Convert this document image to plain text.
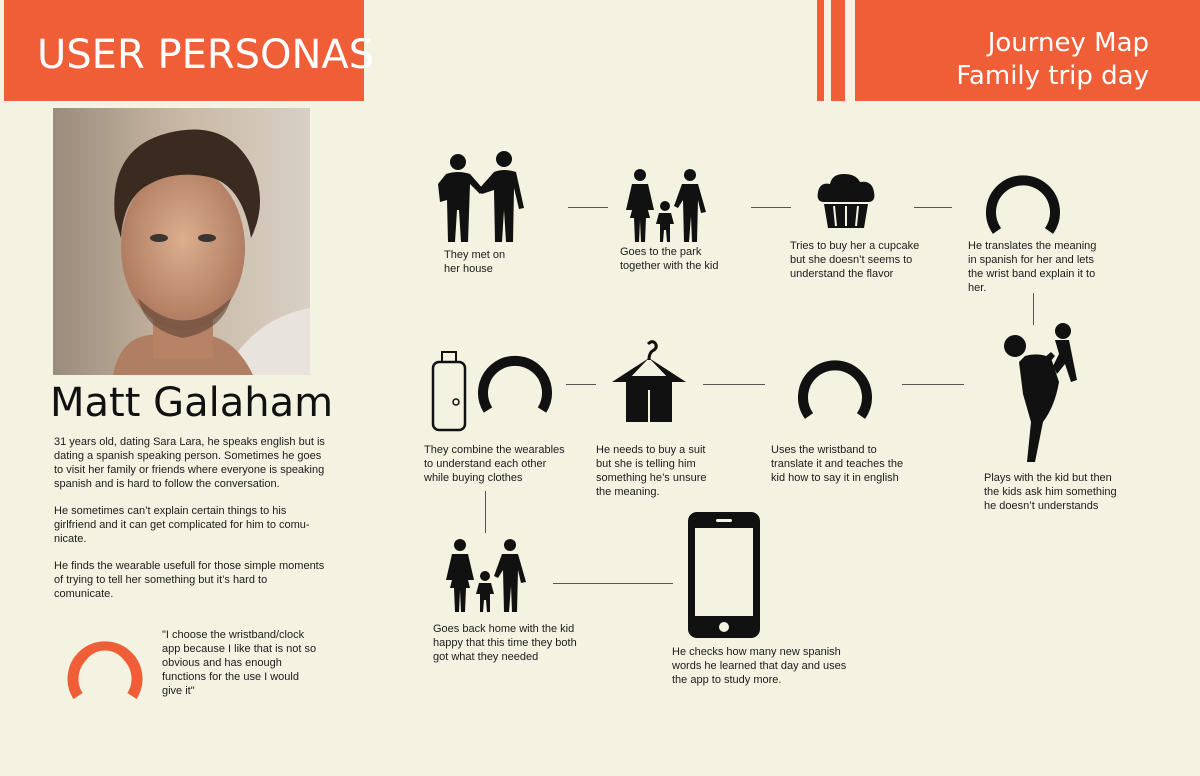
USER PERSONAS	Journey Map
Family trip day
Matt Galaham

31 years old, dating Sara Lara, he speaks english but is dating a spanish speaking person. Sometimes he goes to visit her family or friends where everyone is speaking spanish and is hard to follow the conversation.

He sometimes can’t explain certain things to his girlfriend and it can get complicated for him to comu-nicate.

He finds the wearable usefull for those simple moments of trying to tell her something but it’s hard to comunicate.

"I choose the wristband/clock app because I like that is not so obvious and has enough functions for the use I would give it"
They met on her house
Goes to the park together with the kid
Tries to buy her a cupcake but she doesn’t seems to understand the flavor
He translates the meaning in spanish for her and lets the wrist band explain it to her.
Plays with the kid but then the kids ask him something he doesn’t understands
Uses the wristband to translate it and teaches the kid how to say it in english
He needs to buy a suit but she is telling him something he’s unsure the meaning.
They combine the wearables to understand each other while buying clothes
Goes back home with the kid happy that this time they both got what they needed	He checks how many new spanish words he learned that day and uses the app to study more.
